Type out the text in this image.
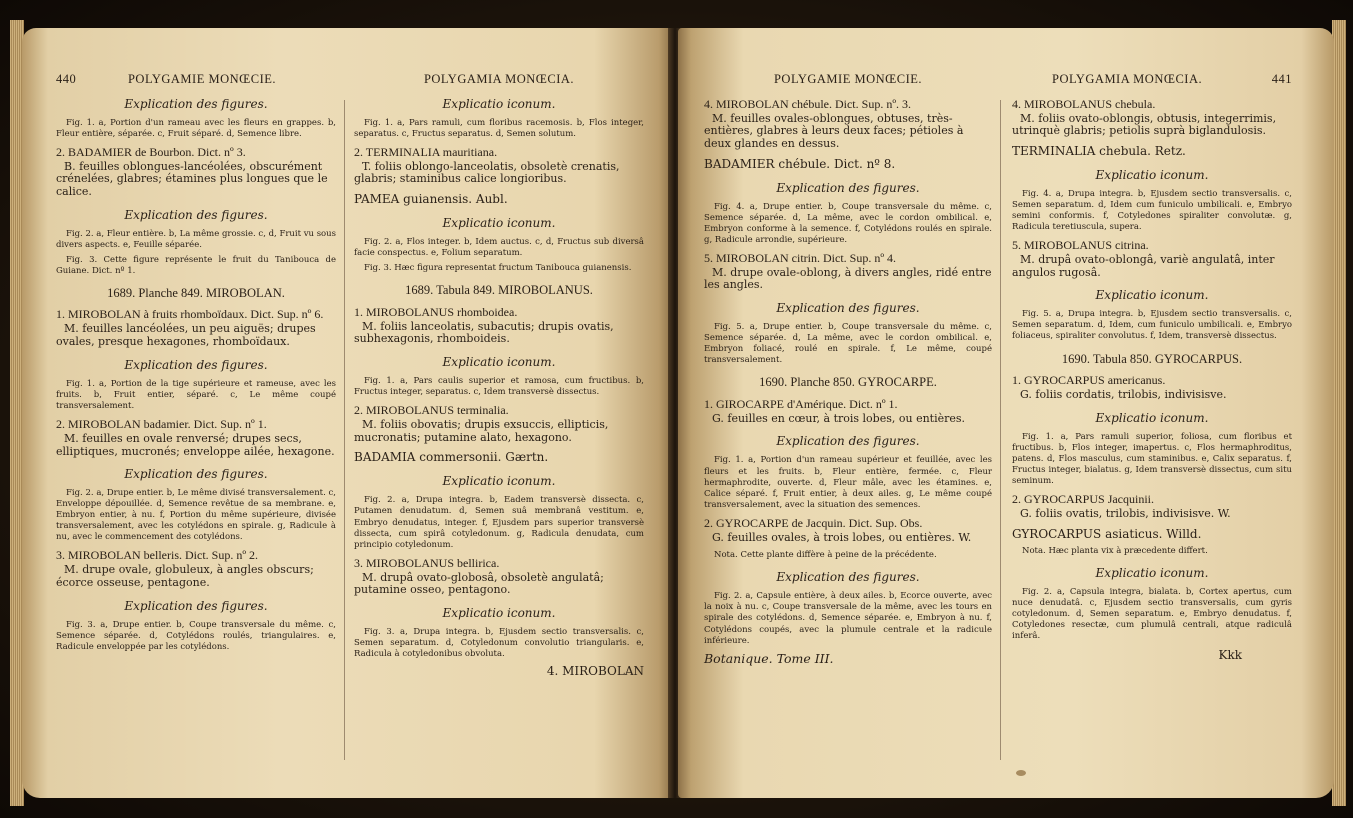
440	POLYGAMIE MONŒCIE.
Explication des figures.
Fig. 1. a, Portion d'un rameau avec les fleurs en grappes. b, Fleur entière, séparée. c, Fruit séparé. d, Semence libre.
2. BADAMIER de Bourbon. Dict. nº 3.
B. feuilles oblongues-lancéolées, obscurément crénelées, glabres; étamines plus longues que le calice.
Explication des figures.
Fig. 2. a, Fleur entière. b, La même grossie. c, d, Fruit vu sous divers aspects. e, Feuille séparée.
Fig. 3. Cette figure représente le fruit du Tanibouca de Guiane. Dict. nº 1.
1689. Planche 849. MIROBOLAN.
1. MIROBOLAN à fruits rhomboïdaux. Dict. Sup. nº 6.
M. feuilles lancéolées, un peu aiguës; drupes ovales, presque hexagones, rhomboïdaux.
Explication des figures.
Fig. 1. a, Portion de la tige supérieure et rameuse, avec les fruits. b, Fruit entier, séparé. c, Le même coupé transversalement.
2. MIROBOLAN badamier. Dict. Sup. nº 1.
M. feuilles en ovale renversé; drupes secs, elliptiques, mucronés; enveloppe ailée, hexagone.
Explication des figures.
Fig. 2. a, Drupe entier. b, Le même divisé transversalement. c, Enveloppe dépouillée. d, Semence revêtue de sa membrane. e, Embryon entier, à nu. f, Portion du même supérieure, divisée transversalement, avec les cotylédons en spirale. g, Radicule à nu, avec le commencement des cotylédons.
3. MIROBOLAN belleris. Dict. Sup. nº 2.
M. drupe ovale, globuleux, à angles obscurs; écorce osseuse, pentagone.
Explication des figures.
Fig. 3. a, Drupe entier. b, Coupe transversale du même. c, Semence séparée. d, Cotylédons roulés, triangulaires. e, Radicule enveloppée par les cotylédons.
POLYGAMIA MONŒCIA.
Explicatio iconum.
Fig. 1. a, Pars ramuli, cum floribus racemosis. b, Flos integer, separatus. c, Fructus separatus. d, Semen solutum.
2. TERMINALIA mauritiana.
T. foliis oblongo-lanceolatis, obsoletè crenatis, glabris; staminibus calice longioribus.
PAMEA guianensis. Aubl.
Explicatio iconum.
Fig. 2. a, Flos integer. b, Idem auctus. c, d, Fructus sub diversâ facie conspectus. e, Folium separatum.
Fig. 3. Hæc figura representat fructum Tanibouca guianensis.
1689. Tabula 849. MIROBOLANUS.
1. MIROBOLANUS rhomboidea.
M. foliis lanceolatis, subacutis; drupis ovatis, subhexagonis, rhomboideis.
Explicatio iconum.
Fig. 1. a, Pars caulis superior et ramosa, cum fructibus. b, Fructus integer, separatus. c, Idem transversè dissectus.
2. MIROBOLANUS terminalia.
M. foliis obovatis; drupis exsuccis, ellipticis, mucronatis; putamine alato, hexagono.
BADAMIA commersonii. Gærtn.
Explicatio iconum.
Fig. 2. a, Drupa integra. b, Eadem transversè dissecta. c, Putamen denudatum. d, Semen suâ membranâ vestitum. e, Embryo denudatus, integer. f, Ejusdem pars superior transversè dissecta, cum spirâ cotyledonum. g, Radicula denudata, cum principio cotyledonum.
3. MIROBOLANUS bellirica.
M. drupâ ovato-globosâ, obsoletè angulatâ; putamine osseo, pentagono.
Explicatio iconum.
Fig. 3. a, Drupa integra. b, Ejusdem sectio transversalis. c, Semen separatum. d, Cotyledonum convolutio triangularis. e, Radicula à cotyledonibus obvoluta.
4. MIROBOLAN
POLYGAMIE MONŒCIE.
4. MIROBOLAN chébule. Dict. Sup. nº. 3.
M. feuilles ovales-oblongues, obtuses, très-entières, glabres à leurs deux faces; pétioles à deux glandes en dessus.
BADAMIER chébule. Dict. nº 8.
Explication des figures.
Fig. 4. a, Drupe entier. b, Coupe transversale du même. c, Semence séparée. d, La même, avec le cordon ombilical. e, Embryon conforme à la semence. f, Cotylédons roulés en spirale. g, Radicule arrondie, supérieure.
5. MIROBOLAN citrin. Dict. Sup. nº 4.
M. drupe ovale-oblong, à divers angles, ridé entre les angles.
Explication des figures.
Fig. 5. a, Drupe entier. b, Coupe transversale du même. c, Semence séparée. d, La même, avec le cordon ombilical. e, Embryon foliacé, roulé en spirale. f, Le même, coupé transversalement.
1690. Planche 850. GYROCARPE.
1. GIROCARPE d'Amérique. Dict. nº 1.
G. feuilles en cœur, à trois lobes, ou entières.
Explication des figures.
Fig. 1. a, Portion d'un rameau supérieur et feuillée, avec les fleurs et les fruits. b, Fleur entière, fermée. c, Fleur hermaphrodite, ouverte. d, Fleur mâle, avec les étamines. e, Calice séparé. f, Fruit entier, à deux ailes. g, Le même coupé transversalement, avec la situation des semences.
2. GYROCARPE de Jacquin. Dict. Sup. Obs.
G. feuilles ovales, à trois lobes, ou entières. W.
Nota. Cette plante diffère à peine de la précédente.
Explication des figures.
Fig. 2. a, Capsule entière, à deux ailes. b, Ecorce ouverte, avec la noix à nu. c, Coupe transversale de la même, avec les tours en spirale des cotylédons. d, Semence séparée. e, Embryon à nu. f, Cotylédons coupés, avec la plumule centrale et la radicule inférieure.
Botanique. Tome III.
POLYGAMIA MONŒCIA.	441
4. MIROBOLANUS chebula.
M. foliis ovato-oblongis, obtusis, integerrimis, utrinquè glabris; petiolis suprà biglandulosis.
TERMINALIA chebula. Retz.
Explicatio iconum.
Fig. 4. a, Drupa integra. b, Ejusdem sectio transversalis. c, Semen separatum. d, Idem cum funiculo umbilicali. e, Embryo semini conformis. f, Cotyledones spiraliter convolutæ. g, Radicula teretiuscula, supera.
5. MIROBOLANUS citrina.
M. drupâ ovato-oblongâ, variè angulatâ, inter angulos rugosâ.
Explicatio iconum.
Fig. 5. a, Drupa integra. b, Ejusdem sectio transversalis. c, Semen separatum. d, Idem, cum funiculo umbilicali. e, Embryo foliaceus, spiraliter convolutus. f, Idem, transversè dissectus.
1690. Tabula 850. GYROCARPUS.
1. GYROCARPUS americanus.
G. foliis cordatis, trilobis, indivisisve.
Explicatio iconum.
Fig. 1. a, Pars ramuli superior, foliosa, cum floribus et fructibus. b, Flos integer, imapertus. c, Flos hermaphroditus, patens. d, Flos masculus, cum staminibus. e, Calix separatus. f, Fructus integer, bialatus. g, Idem transversè dissectus, cum situ seminum.
2. GYROCARPUS Jacquinii.
G. foliis ovatis, trilobis, indivisisve. W.
GYROCARPUS asiaticus. Willd.
Nota. Hæc planta vix à præcedente differt.
Explicatio iconum.
Fig. 2. a, Capsula integra, bialata. b, Cortex apertus, cum nuce denudatâ. c, Ejusdem sectio transversalis, cum gyris cotyledonum. d, Semen separatum. e, Embryo denudatus. f, Cotyledones resectæ, cum plumulâ centrali, atque radiculâ inferâ.
Kkk
